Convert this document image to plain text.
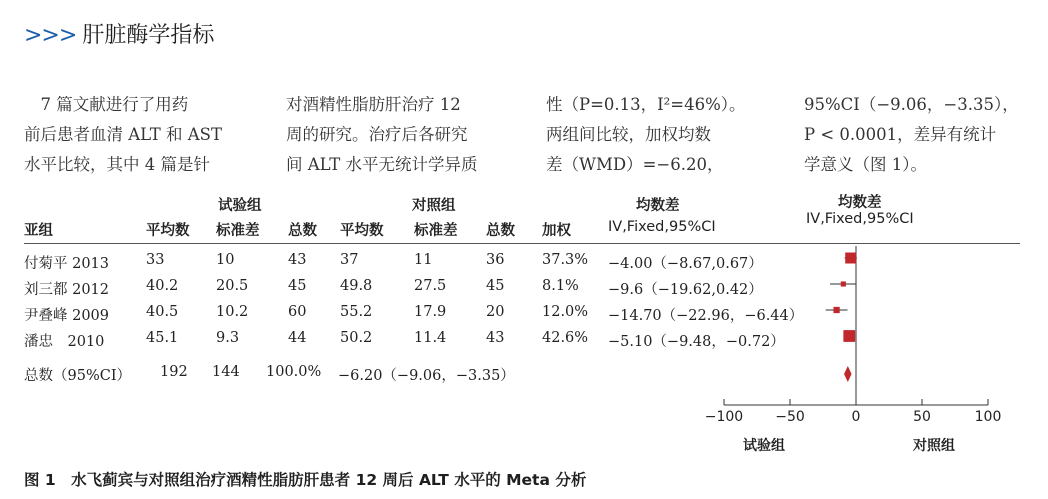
>>> 肝脏酶学指标
　7 篇文献进行了用药
前后患者血清 ALT 和 AST
水平比较，其中 4 篇是针
对酒精性脂肪肝治疗 12
周的研究。治疗后各研究
间 ALT 水平无统计学异质
性（P=0.13，I²=46%）。
两组间比较，加权均数
差（WMD）=−6.20，
95%CI（−9.06，−3.35），
P < 0.0001，差异有统计
学意义（图 1）。
试验组	对照组	均数差	均数差
IV,Fixed,95%CI
亚组	平均数 标准差 总数 平均数 标准差 总数 加权	IV,Fixed,95%CI
付菊平 2013	33	10	43 37	11	36	37.3% −4.00（−8.67,0.67）
刘三都 2012	40.2	20.5	45 49.8	27.5	45	8.1% −9.6（−19.62,0.42）
尹叠峰 2009	40.5	10.2	60 55.2	17.9	20	12.0% −14.70（−22.96，−6.44）
潘忠　2010	45.1	9.3	44 50.2	11.4	43	42.6% −5.10（−9.48，−0.72）
总数（95%CI） 192 144 100.0% −6.20（−9.06，−3.35）
−100 −50	0	50	100
试验组	对照组
图 1　水飞蓟宾与对照组治疗酒精性脂肪肝患者 12 周后 ALT 水平的 Meta 分析
